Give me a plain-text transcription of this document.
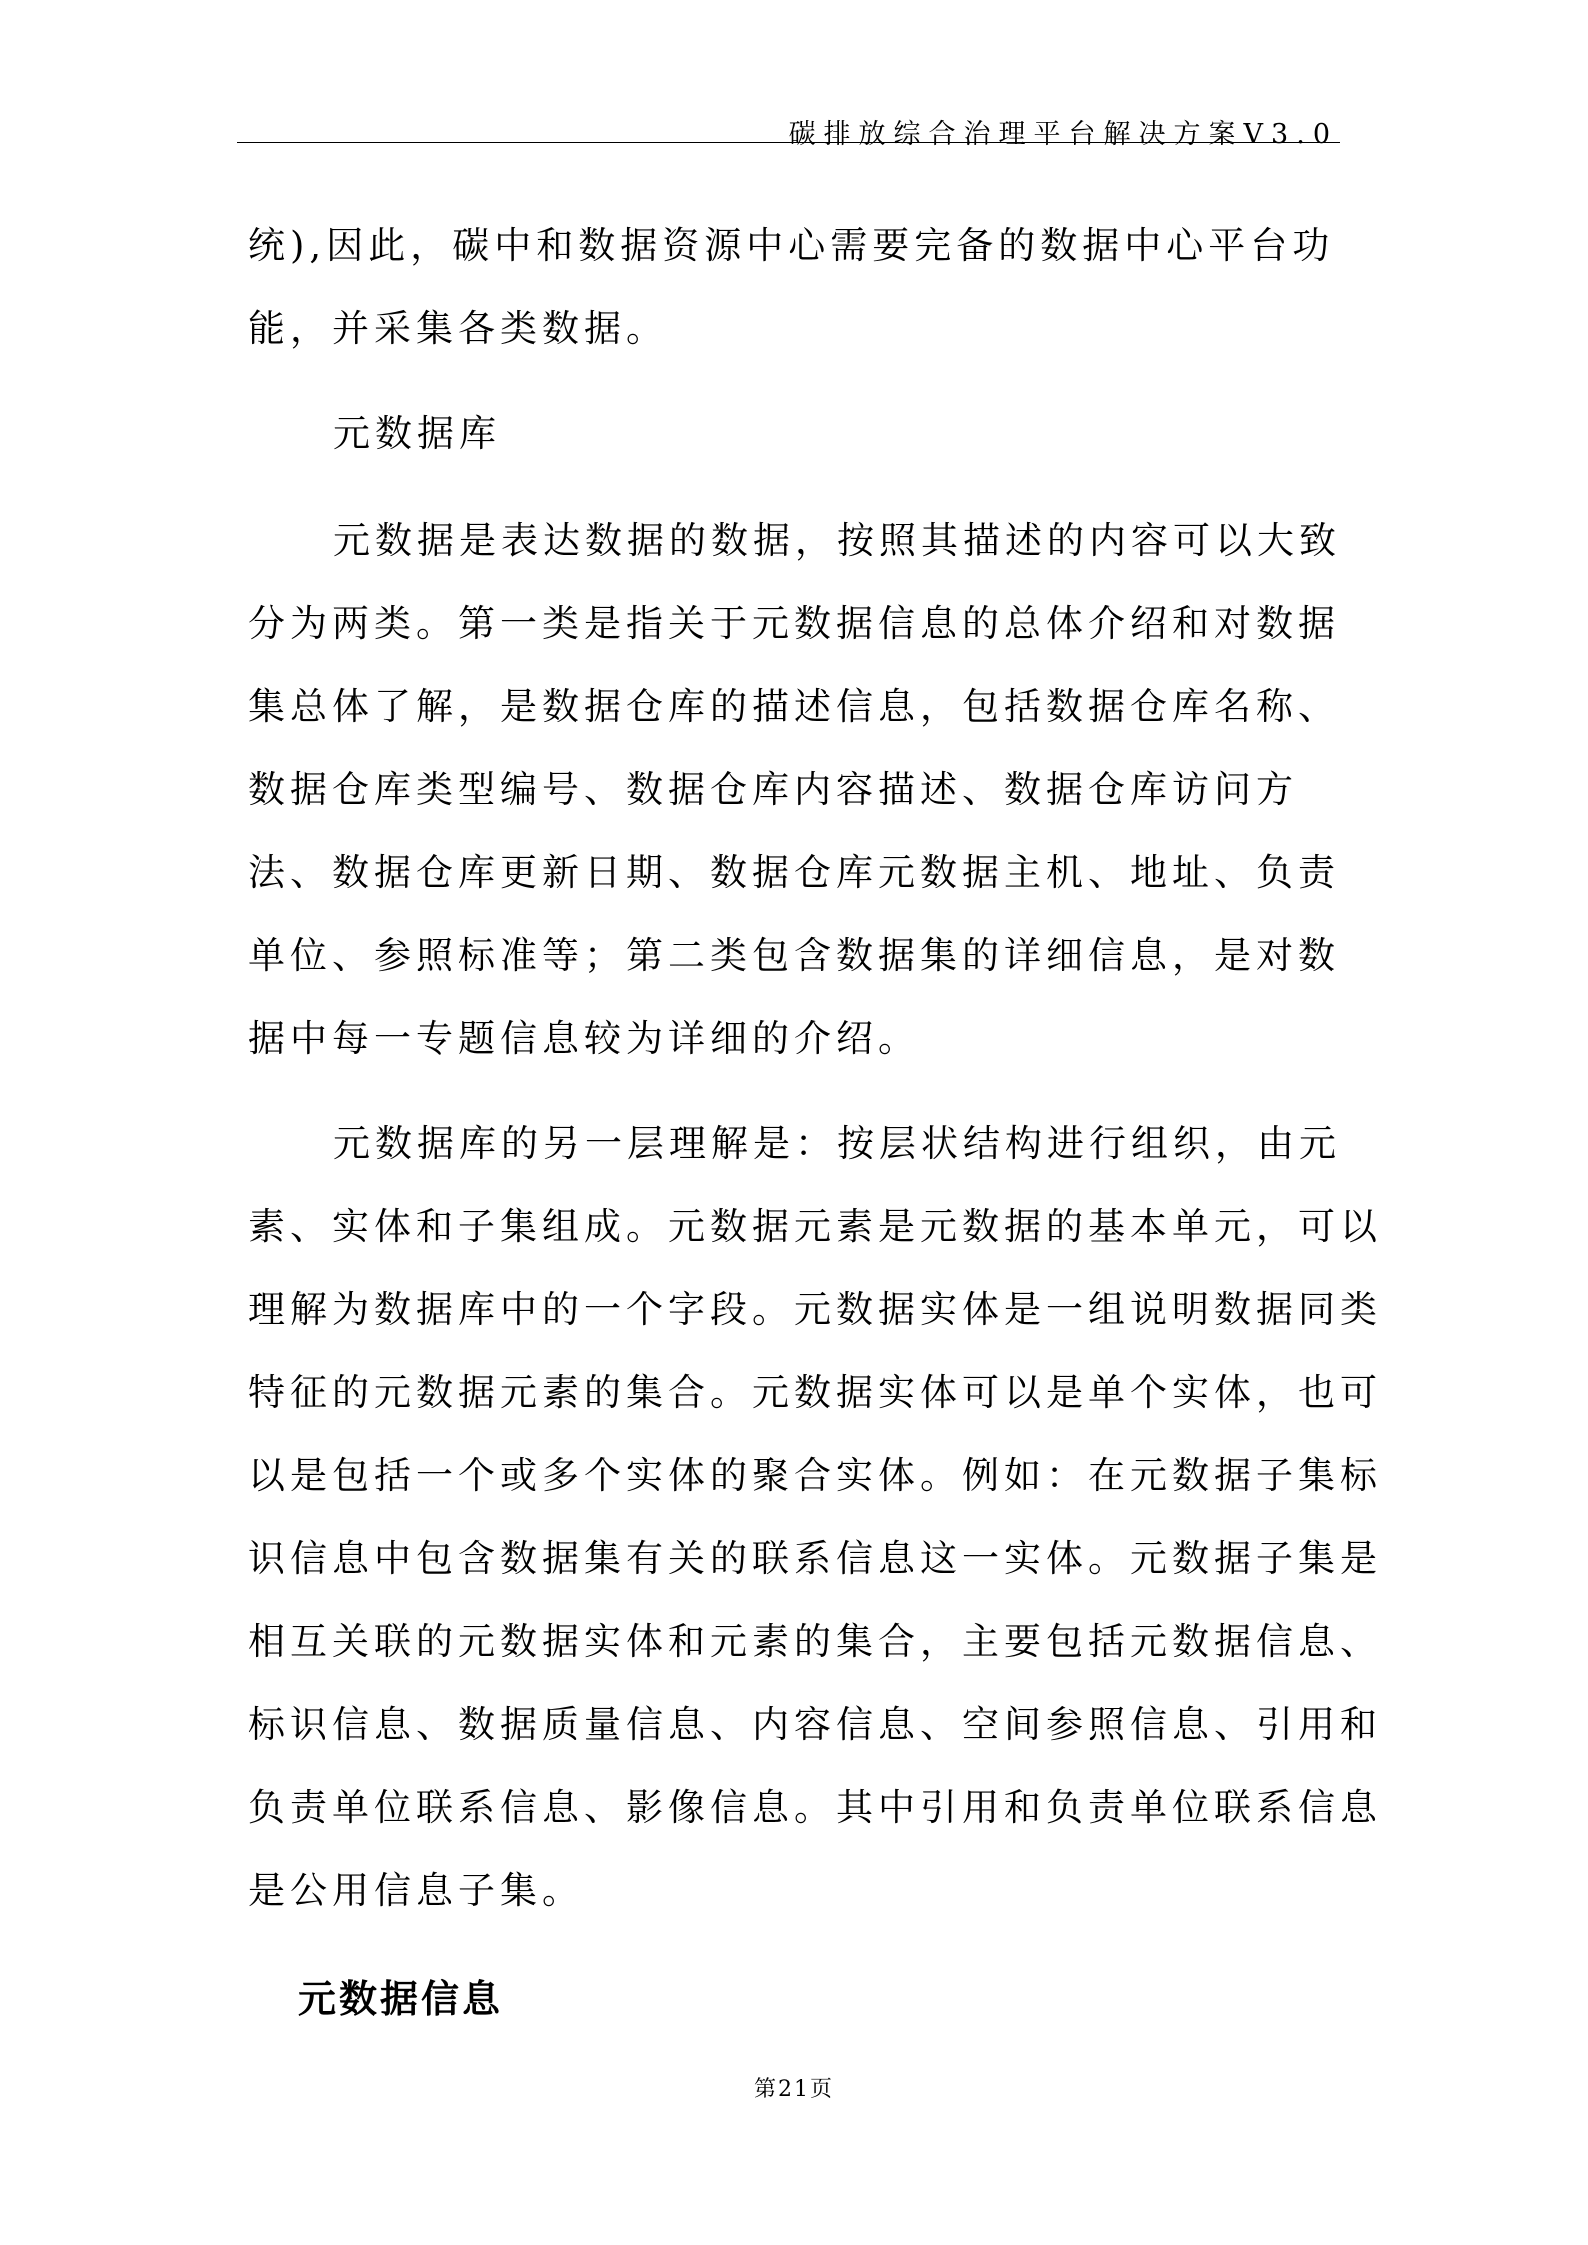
碳排放综合治理平台解决方案V3.0

统),因此，碳中和数据资源中心需要完备的数据中心平台功能，并采集各类数据。

元数据库

元数据是表达数据的数据，按照其描述的内容可以大致分为两类。第一类是指关于元数据信息的总体介绍和对数据集总体了解，是数据仓库的描述信息，包括数据仓库名称、数据仓库类型编号、数据仓库内容描述、数据仓库访问方法、数据仓库更新日期、数据仓库元数据主机、地址、负责单位、参照标准等；第二类包含数据集的详细信息，是对数据中每一专题信息较为详细的介绍。

元数据库的另一层理解是：按层状结构进行组织，由元素、实体和子集组成。元数据元素是元数据的基本单元，可以理解为数据库中的一个字段。元数据实体是一组说明数据同类特征的元数据元素的集合。元数据实体可以是单个实体，也可以是包括一个或多个实体的聚合实体。例如：在元数据子集标识信息中包含数据集有关的联系信息这一实体。元数据子集是相互关联的元数据实体和元素的集合，主要包括元数据信息、标识信息、数据质量信息、内容信息、空间参照信息、引用和负责单位联系信息、影像信息。其中引用和负责单位联系信息是公用信息子集。

元数据信息
第21页
